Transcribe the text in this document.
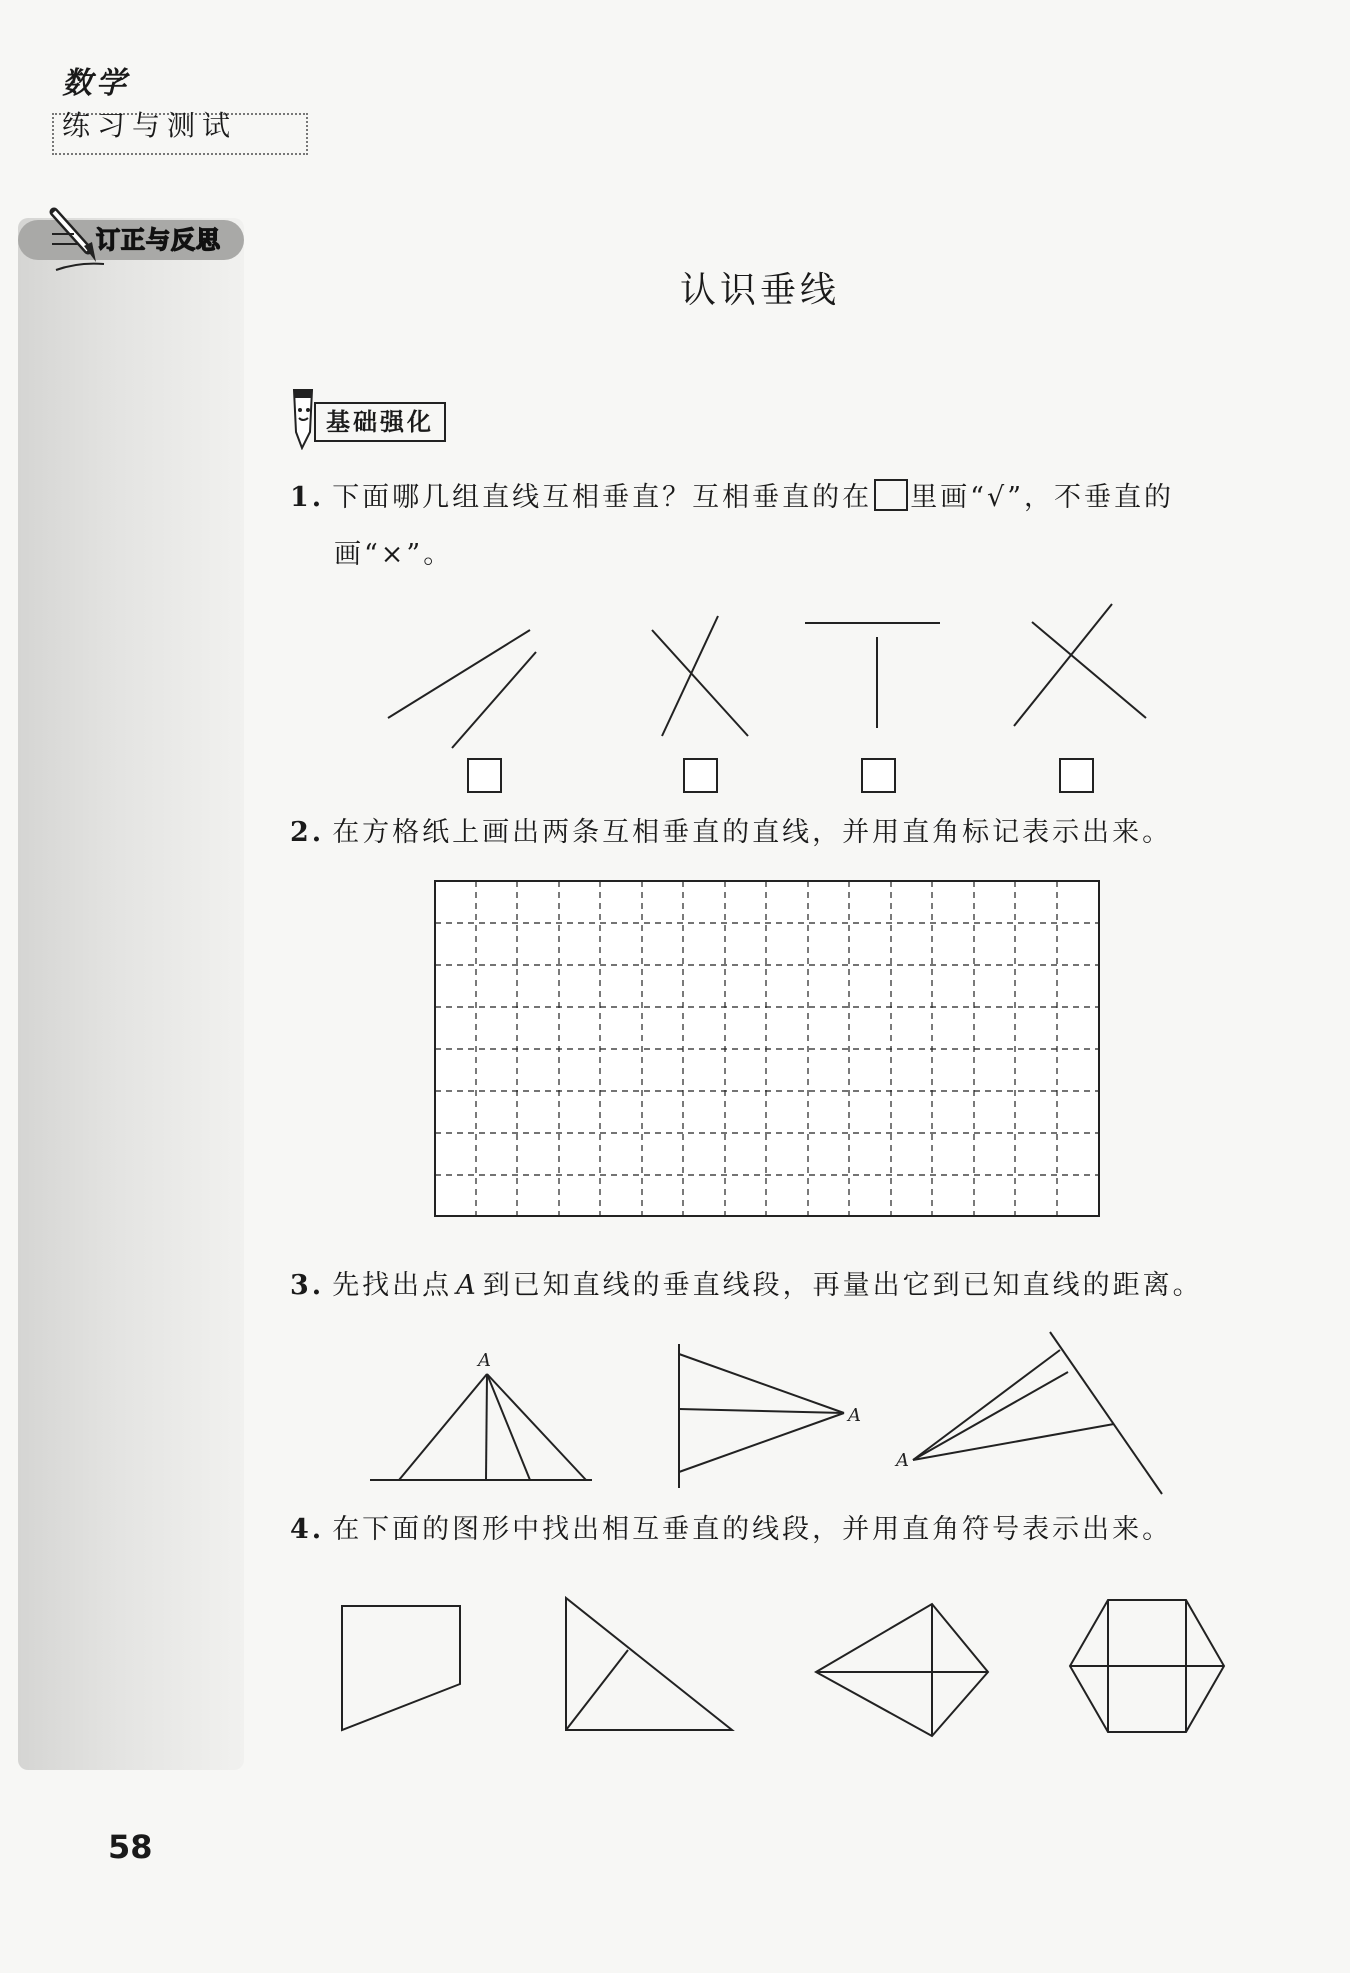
数学
练习与测试
订正与反思
认识垂线
基础强化
1. 下面哪几组直线互相垂直？互相垂直的在 里画“√”，不垂直的
画“×”。
2. 在方格纸上画出两条互相垂直的直线，并用直角标记表示出来。
3. 先找出点 A 到已知直线的垂直线段，再量出它到已知直线的距离。
A
A
A
4. 在下面的图形中找出相互垂直的线段，并用直角符号表示出来。
58
